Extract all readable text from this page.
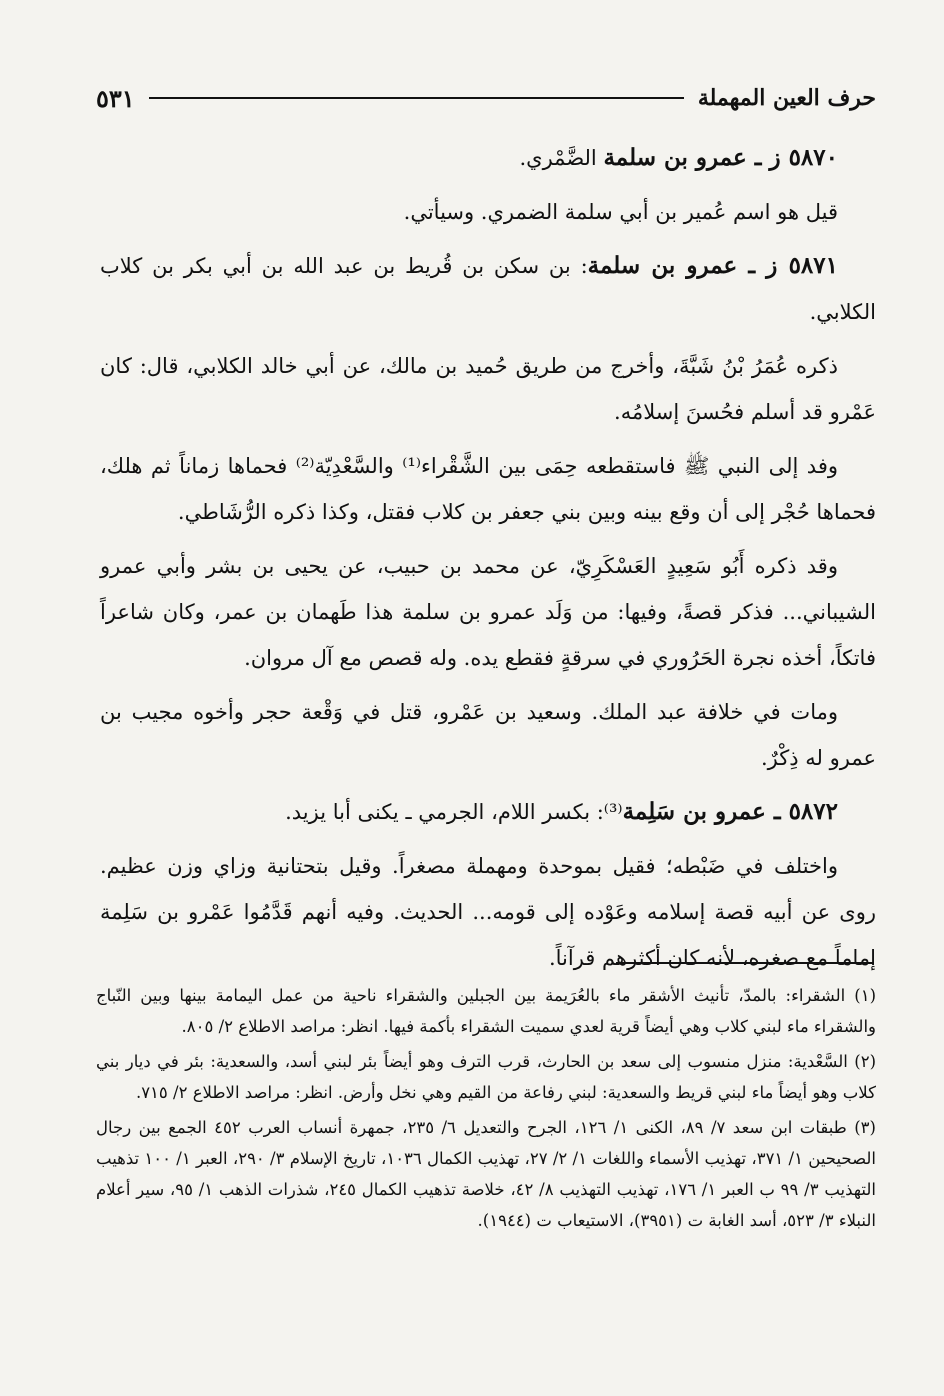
حرف العين المهملة
٥٣١

٥٨٧٠ ز ـ عمرو بن سلمة الضَّمْري.

قيل هو اسم عُمير بن أبي سلمة الضمري. وسيأتي.

٥٨٧١ ز ـ عمرو بن سلمة: بن سكن بن قُريط بن عبد الله بن أبي بكر بن كلاب الكلابي.

ذكره عُمَرُ بْنُ شَبَّةَ، وأخرج من طريق حُميد بن مالك، عن أبي خالد الكلابي، قال: كان عَمْرو قد أسلم فحُسنَ إسلامُه.

وفد إلى النبي ﷺ فاستقطعه حِمَى بين الشَّقْراء⁽¹⁾ والسَّعْدِيّة⁽²⁾ فحماها زماناً ثم هلك، فحماها حُجْر إلى أن وقع بينه وبين بني جعفر بن كلاب فقتل، وكذا ذكره الرُّشَاطي.

وقد ذكره أَبُو سَعِيدٍ العَسْكَرِيّ، عن محمد بن حبيب، عن يحيى بن بشر وأبي عمرو الشيباني... فذكر قصةً، وفيها: من وَلَد عمرو بن سلمة هذا طَهمان بن عمر، وكان شاعراً فاتكاً، أخذه نجرة الحَرُوري في سرقةٍ فقطع يده. وله قصص مع آل مروان.

ومات في خلافة عبد الملك. وسعيد بن عَمْرو، قتل في وَقْعة حجر وأخوه مجيب بن عمرو له ذِكْرٌ.

٥٨٧٢ ـ عمرو بن سَلِمة⁽³⁾: بكسر اللام، الجرمي ـ يكنى أبا يزيد.

واختلف في ضَبْطه؛ فقيل بموحدة ومهملة مصغراً. وقيل بتحتانية وزاي وزن عظيم. روى عن أبيه قصة إسلامه وعَوْده إلى قومه... الحديث. وفيه أنهم قَدَّمُوا عَمْرو بن سَلِمة إماماً مع صغره، لأنه كان أكثرهم قرآناً.

(١) الشقراء: بالمدّ، تأنيث الأشقر ماء بالعُرَيمة بين الجبلين والشقراء ناحية من عمل اليمامة بينها وبين النّباج والشقراء ماء لبني كلاب وهي أيضاً قرية لعدي سميت الشقراء بأكمة فيها. انظر: مراصد الاطلاع ٢/ ٨٠٥.

(٢) السَّعْدية: منزل منسوب إلى سعد بن الحارث، قرب الترف وهو أيضاً بئر لبني أسد، والسعدية: بئر في ديار بني كلاب وهو أيضاً ماء لبني قريط والسعدية: لبني رفاعة من القيم وهي نخل وأرض. انظر: مراصد الاطلاع ٢/ ٧١٥.

(٣) طبقات ابن سعد ٧/ ٨٩، الكنى ١/ ١٢٦، الجرح والتعديل ٦/ ٢٣٥، جمهرة أنساب العرب ٤٥٢ الجمع بين رجال الصحيحين ١/ ٣٧١، تهذيب الأسماء واللغات ١/ ٢/ ٢٧، تهذيب الكمال ١٠٣٦، تاريخ الإسلام ٣/ ٢٩٠، العبر ١/ ١٠٠ تذهيب التهذيب ٣/ ٩٩ ب العبر ١/ ١٧٦، تهذيب التهذيب ٨/ ٤٢، خلاصة تذهيب الكمال ٢٤٥، شذرات الذهب ١/ ٩٥، سير أعلام النبلاء ٣/ ٥٢٣، أسد الغابة ت (٣٩٥١)، الاستيعاب ت (١٩٤٤).
